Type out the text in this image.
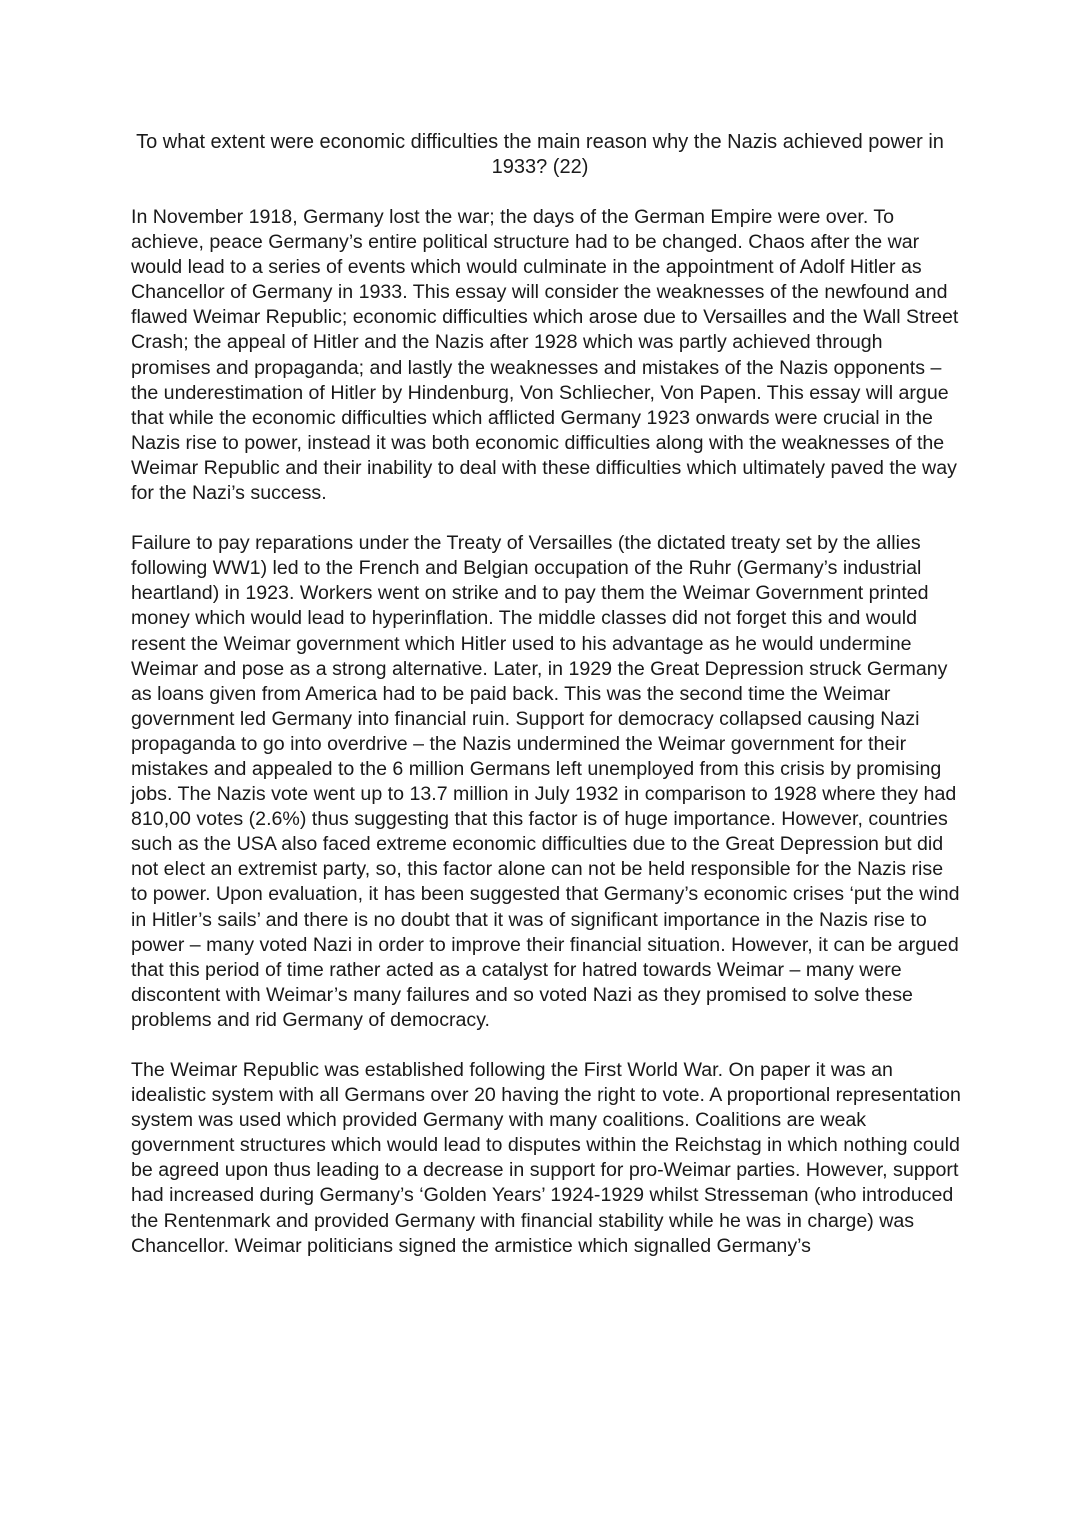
To what extent were economic difficulties the main reason why the Nazis achieved power in 1933? (22)

In November 1918, Germany lost the war; the days of the German Empire were over. To achieve, peace Germany’s entire political structure had to be changed. Chaos after the war would lead to a series of events which would culminate in the appointment of Adolf Hitler as Chancellor of Germany in 1933. This essay will consider the weaknesses of the newfound and flawed Weimar Republic; economic difficulties which arose due to Versailles and the Wall Street Crash; the appeal of Hitler and the Nazis after 1928 which was partly achieved through promises and propaganda; and lastly the weaknesses and mistakes of the Nazis opponents – the underestimation of Hitler by Hindenburg, Von Schliecher, Von Papen. This essay will argue that while the economic difficulties which afflicted Germany 1923 onwards were crucial in the Nazis rise to power, instead it was both economic difficulties along with the weaknesses of the Weimar Republic and their inability to deal with these difficulties which ultimately paved the way for the Nazi’s success.

Failure to pay reparations under the Treaty of Versailles (the dictated treaty set by the allies following WW1) led to the French and Belgian occupation of the Ruhr (Germany’s industrial heartland) in 1923. Workers went on strike and to pay them the Weimar Government printed money which would lead to hyperinflation. The middle classes did not forget this and would resent the Weimar government which Hitler used to his advantage as he would undermine Weimar and pose as a strong alternative. Later, in 1929 the Great Depression struck Germany as loans given from America had to be paid back. This was the second time the Weimar government led Germany into financial ruin. Support for democracy collapsed causing Nazi propaganda to go into overdrive – the Nazis undermined the Weimar government for their mistakes and appealed to the 6 million Germans left unemployed from this crisis by promising jobs. The Nazis vote went up to 13.7 million in July 1932 in comparison to 1928 where they had 810,00 votes (2.6%) thus suggesting that this factor is of huge importance. However, countries such as the USA also faced extreme economic difficulties due to the Great Depression but did not elect an extremist party, so, this factor alone can not be held responsible for the Nazis rise to power. Upon evaluation, it has been suggested that Germany’s economic crises ‘put the wind in Hitler’s sails’ and there is no doubt that it was of significant importance in the Nazis rise to power – many voted Nazi in order to improve their financial situation. However, it can be argued that this period of time rather acted as a catalyst for hatred towards Weimar – many were discontent with Weimar’s many failures and so voted Nazi as they promised to solve these problems and rid Germany of democracy.

The Weimar Republic was established following the First World War. On paper it was an idealistic system with all Germans over 20 having the right to vote. A proportional representation system was used which provided Germany with many coalitions. Coalitions are weak government structures which would lead to disputes within the Reichstag in which nothing could be agreed upon thus leading to a decrease in support for pro-Weimar parties. However, support had increased during Germany’s ‘Golden Years’ 1924-1929 whilst Stresseman (who introduced the Rentenmark and provided Germany with financial stability while he was in charge) was Chancellor. Weimar politicians signed the armistice which signalled Germany’s
